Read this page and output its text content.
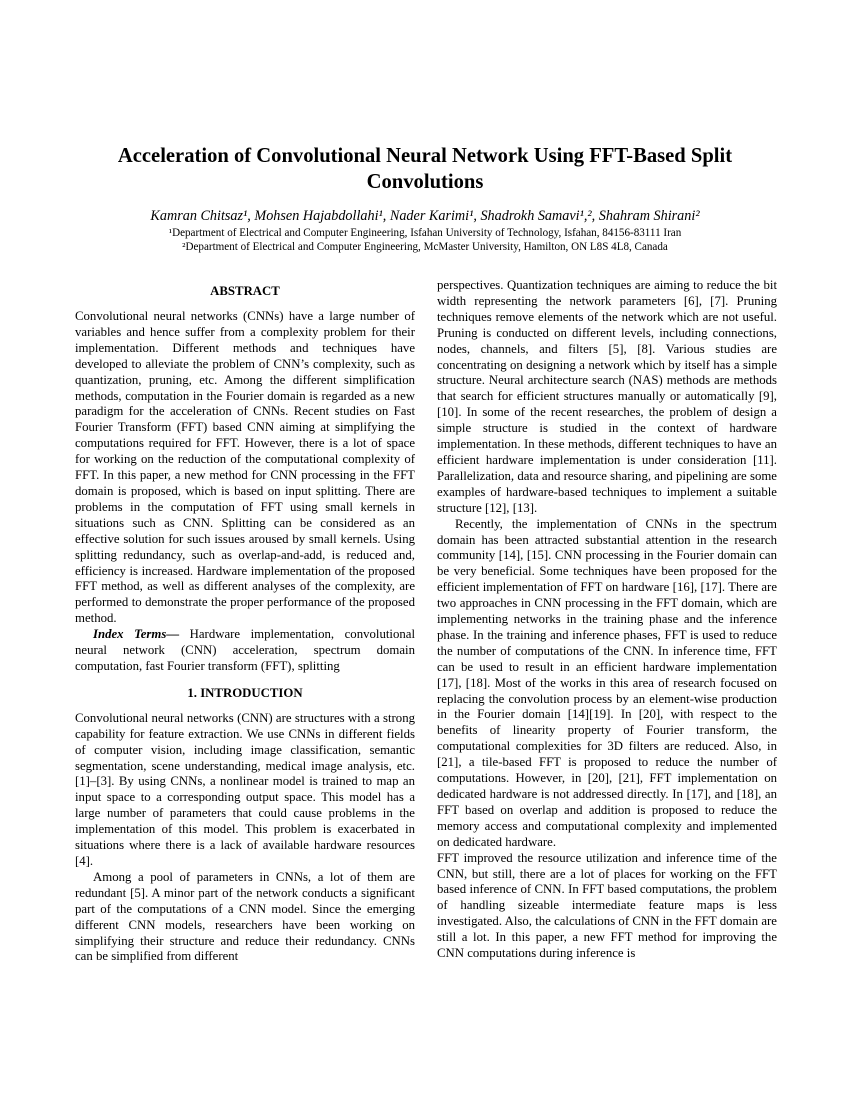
Acceleration of Convolutional Neural Network Using FFT-Based Split Convolutions
Kamran Chitsaz¹, Mohsen Hajabdollahi¹, Nader Karimi¹, Shadrokh Samavi¹,², Shahram Shirani²
¹Department of Electrical and Computer Engineering, Isfahan University of Technology, Isfahan, 84156-83111 Iran
²Department of Electrical and Computer Engineering, McMaster University, Hamilton, ON L8S 4L8, Canada
ABSTRACT

Convolutional neural networks (CNNs) have a large number of variables and hence suffer from a complexity problem for their implementation. Different methods and techniques have developed to alleviate the problem of CNN’s complexity, such as quantization, pruning, etc. Among the different simplification methods, computation in the Fourier domain is regarded as a new paradigm for the acceleration of CNNs. Recent studies on Fast Fourier Transform (FFT) based CNN aiming at simplifying the computations required for FFT. However, there is a lot of space for working on the reduction of the computational complexity of FFT. In this paper, a new method for CNN processing in the FFT domain is proposed, which is based on input splitting. There are problems in the computation of FFT using small kernels in situations such as CNN. Splitting can be considered as an effective solution for such issues aroused by small kernels. Using splitting redundancy, such as overlap-and-add, is reduced and, efficiency is increased. Hardware implementation of the proposed FFT method, as well as different analyses of the complexity, are performed to demonstrate the proper performance of the proposed method.

Index Terms— Hardware implementation, convolutional neural network (CNN) acceleration, spectrum domain computation, fast Fourier transform (FFT), splitting

1. INTRODUCTION

Convolutional neural networks (CNN) are structures with a strong capability for feature extraction. We use CNNs in different fields of computer vision, including image classification, semantic segmentation, scene understanding, medical image analysis, etc. [1]–[3]. By using CNNs, a nonlinear model is trained to map an input space to a corresponding output space. This model has a large number of parameters that could cause problems in the implementation of this model. This problem is exacerbated in situations where there is a lack of available hardware resources [4].

Among a pool of parameters in CNNs, a lot of them are redundant [5]. A minor part of the network conducts a significant part of the computations of a CNN model. Since the emerging different CNN models, researchers have been working on simplifying their structure and reduce their redundancy. CNNs can be simplified from different

perspectives. Quantization techniques are aiming to reduce the bit width representing the network parameters [6], [7]. Pruning techniques remove elements of the network which are not useful. Pruning is conducted on different levels, including connections, nodes, channels, and filters [5], [8]. Various studies are concentrating on designing a network which by itself has a simple structure. Neural architecture search (NAS) methods are methods that search for efficient structures manually or automatically [9], [10]. In some of the recent researches, the problem of design a simple structure is studied in the context of hardware implementation. In these methods, different techniques to have an efficient hardware implementation is under consideration [11]. Parallelization, data and resource sharing, and pipelining are some examples of hardware-based techniques to implement a suitable structure [12], [13].

Recently, the implementation of CNNs in the spectrum domain has been attracted substantial attention in the research community [14], [15]. CNN processing in the Fourier domain can be very beneficial. Some techniques have been proposed for the efficient implementation of FFT on hardware [16], [17]. There are two approaches in CNN processing in the FFT domain, which are implementing networks in the training phase and the inference phase. In the training and inference phases, FFT is used to reduce the number of computations of the CNN. In inference time, FFT can be used to result in an efficient hardware implementation [17], [18]. Most of the works in this area of research focused on replacing the convolution process by an element-wise production in the Fourier domain [14][19]. In [20], with respect to the benefits of linearity property of Fourier transform, the computational complexities for 3D filters are reduced. Also, in [21], a tile-based FFT is proposed to reduce the number of computations. However, in [20], [21], FFT implementation on dedicated hardware is not addressed directly. In [17], and [18], an FFT based on overlap and addition is proposed to reduce the memory access and computational complexity and implemented on dedicated hardware.

FFT improved the resource utilization and inference time of the CNN, but still, there are a lot of places for working on the FFT based inference of CNN. In FFT based computations, the problem of handling sizeable intermediate feature maps is less investigated. Also, the calculations of CNN in the FFT domain are still a lot. In this paper, a new FFT method for improving the CNN computations during inference is
